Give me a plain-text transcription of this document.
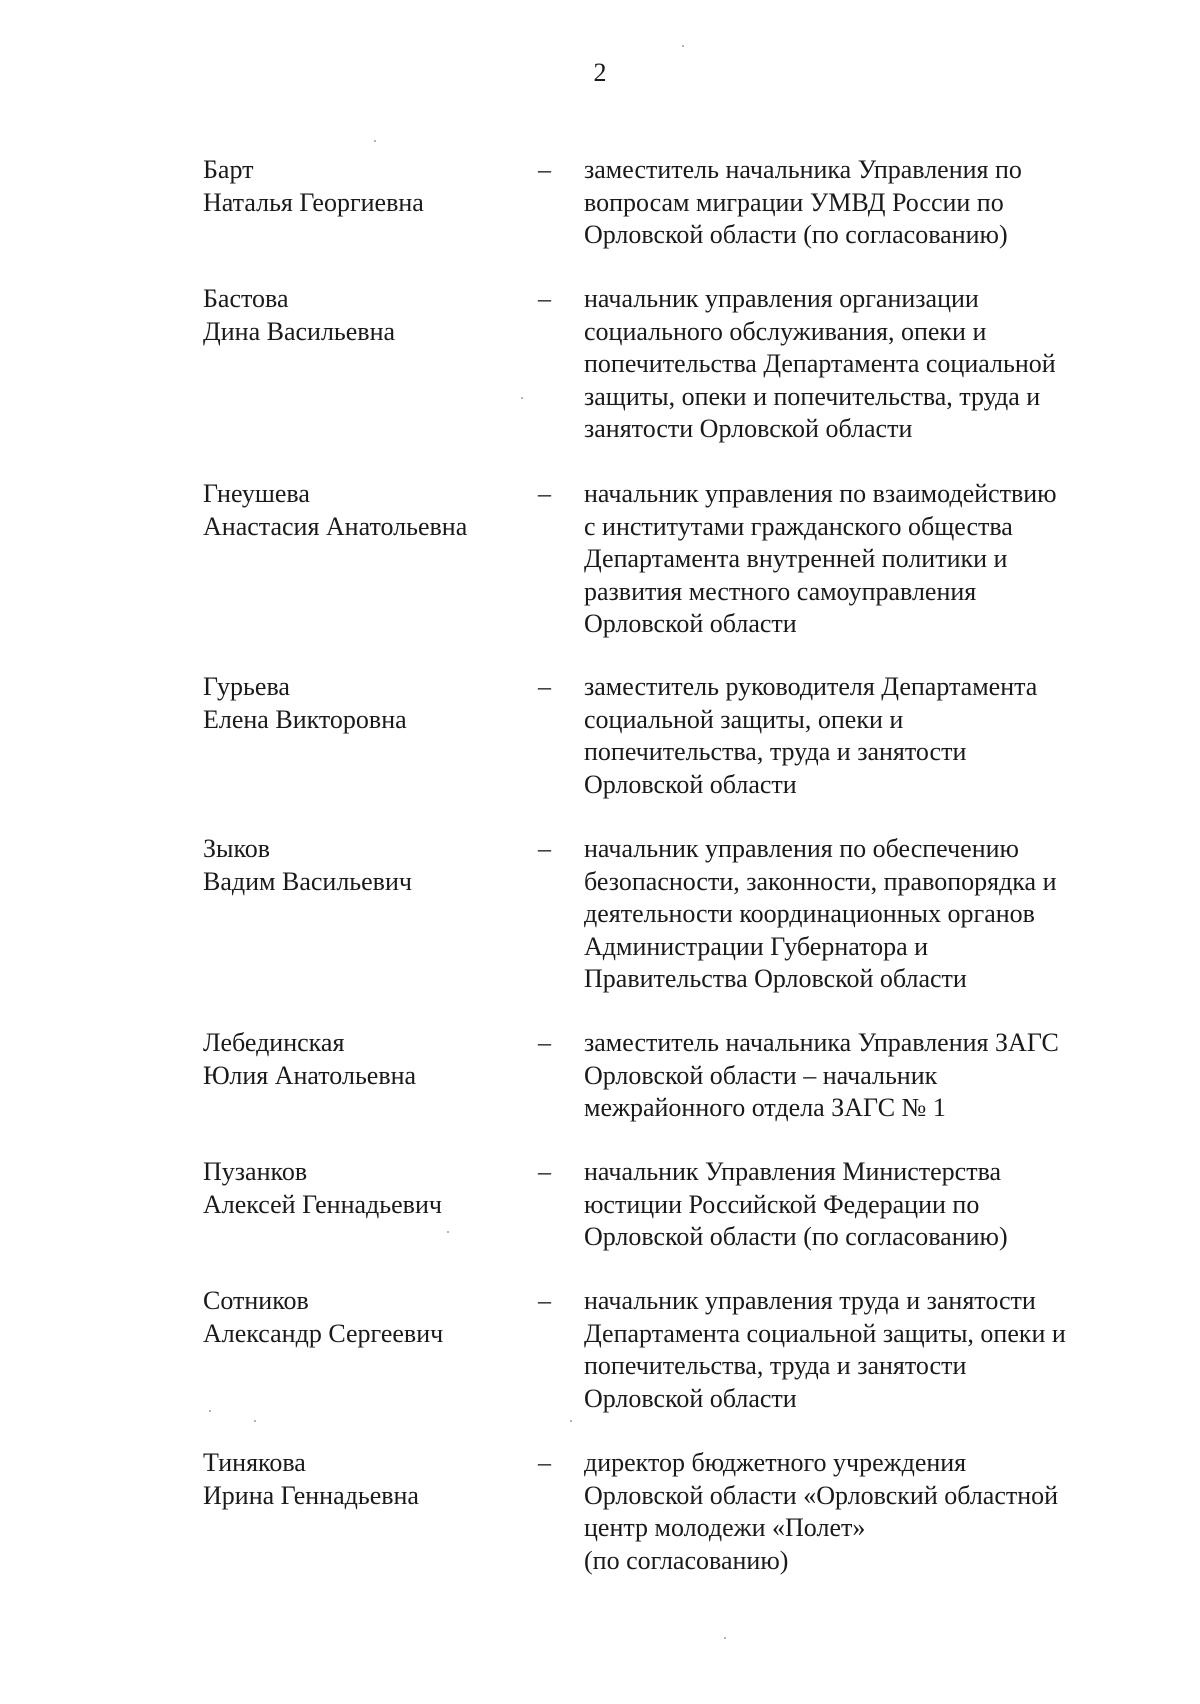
2
Барт
Наталья Георгиевна
–	заместитель начальника Управления по
вопросам миграции УМВД России по
Орловской области (по согласованию)
Бастова
Дина Васильевна
–	начальник управления организации
социального обслуживания, опеки и
попечительства Департамента социальной
защиты, опеки и попечительства, труда и
занятости Орловской области
Гнеушева
Анастасия Анатольевна
–	начальник управления по взаимодействию
с институтами гражданского общества
Департамента внутренней политики и
развития местного самоуправления
Орловской области
Гурьева
Елена Викторовна
–	заместитель руководителя Департамента
социальной защиты, опеки и
попечительства, труда и занятости
Орловской области
Зыков
Вадим Васильевич
–	начальник управления по обеспечению
безопасности, законности, правопорядка и
деятельности координационных органов
Администрации Губернатора и
Правительства Орловской области
Лебединская
Юлия Анатольевна
–	заместитель начальника Управления ЗАГС
Орловской области – начальник
межрайонного отдела ЗАГС № 1
Пузанков
Алексей Геннадьевич
–	начальник Управления Министерства
юстиции Российской Федерации по
Орловской области (по согласованию)
Сотников
Александр Сергеевич
–	начальник управления труда и занятости
Департамента социальной защиты, опеки и
попечительства, труда и занятости
Орловской области
Тинякова
Ирина Геннадьевна
–	директор бюджетного учреждения
Орловской области «Орловский областной
центр молодежи «Полет»
(по согласованию)
